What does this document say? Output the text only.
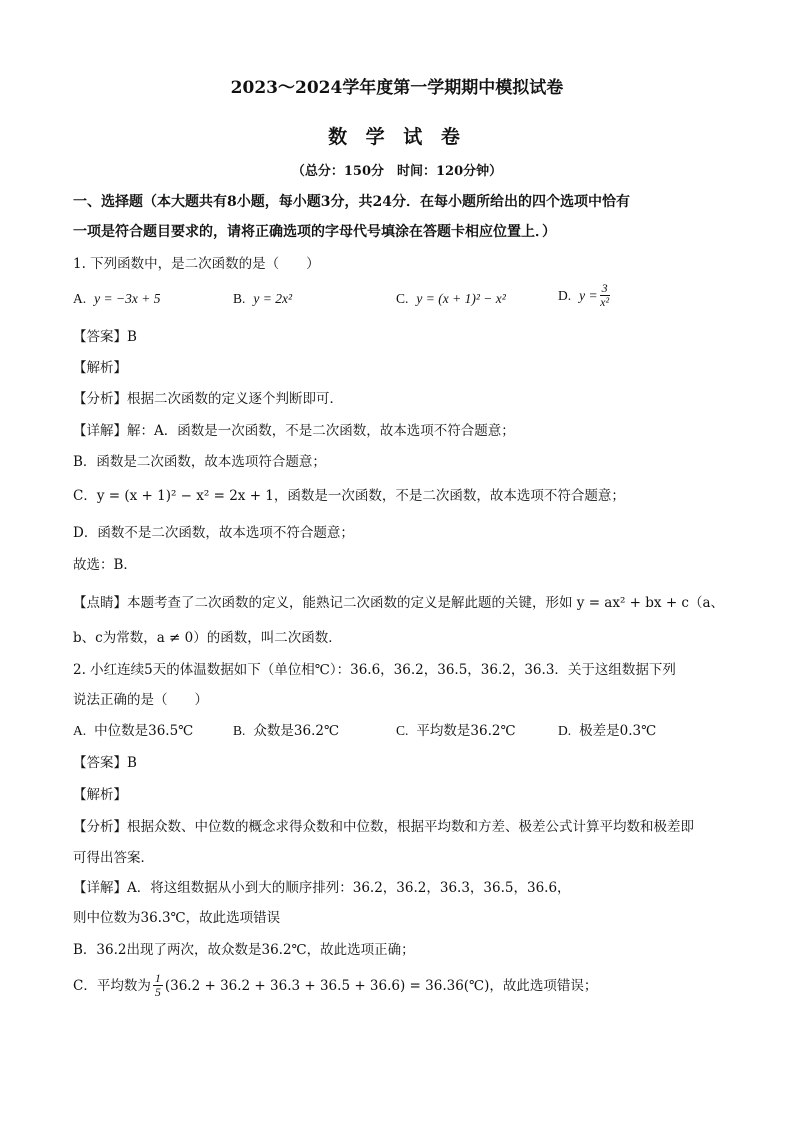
2023～2024学年度第一学期期中模拟试卷
数 学 试 卷
（总分：150分　时间：120分钟）
一、选择题（本大题共有8小题，每小题3分，共24分．在每小题所给出的四个选项中恰有
一项是符合题目要求的，请将正确选项的字母代号填涂在答题卡相应位置上．）
1. 下列函数中，是二次函数的是（　　）
A. y = −3x + 5	B. y = 2x²	C. y = (x + 1)² − x²	D. $y = \frac{3}{\text{x²}}$
【答案】B
【解析】
【分析】根据二次函数的定义逐个判断即可．
【详解】解：A．函数是一次函数，不是二次函数，故本选项不符合题意；
B．函数是二次函数，故本选项符合题意；
C．y = (x + 1)² − x² = 2x + 1，函数是一次函数，不是二次函数，故本选项不符合题意；
D．函数不是二次函数，故本选项不符合题意；
故选：B．
【点睛】本题考查了二次函数的定义，能熟记二次函数的定义是解此题的关键，形如 y = ax² + bx + c（a、
b、c为常数，a ≠ 0）的函数，叫二次函数．
2. 小红连续5天的体温数据如下（单位相℃）：36.6，36.2，36.5，36.2，36.3．关于这组数据下列
说法正确的是（　　）
A. 中位数是36.5℃	B. 众数是36.2℃	C. 平均数是36.2℃	D. 极差是0.3℃
【答案】B
【解析】
【分析】根据众数、中位数的概念求得众数和中位数，根据平均数和方差、极差公式计算平均数和极差即
可得出答案．
【详解】A．将这组数据从小到大的顺序排列：36.2，36.2，36.3，36.5，36.6，
则中位数为36.3℃，故此选项错误
B．36.2出现了两次，故众数是36.2℃，故此选项正确；
C．平均数为 $\frac{1}{5} (36.2 + 36.2 + 36.3 + 36.5 + 36.6)$ = 36.36(℃)，故此选项错误；
